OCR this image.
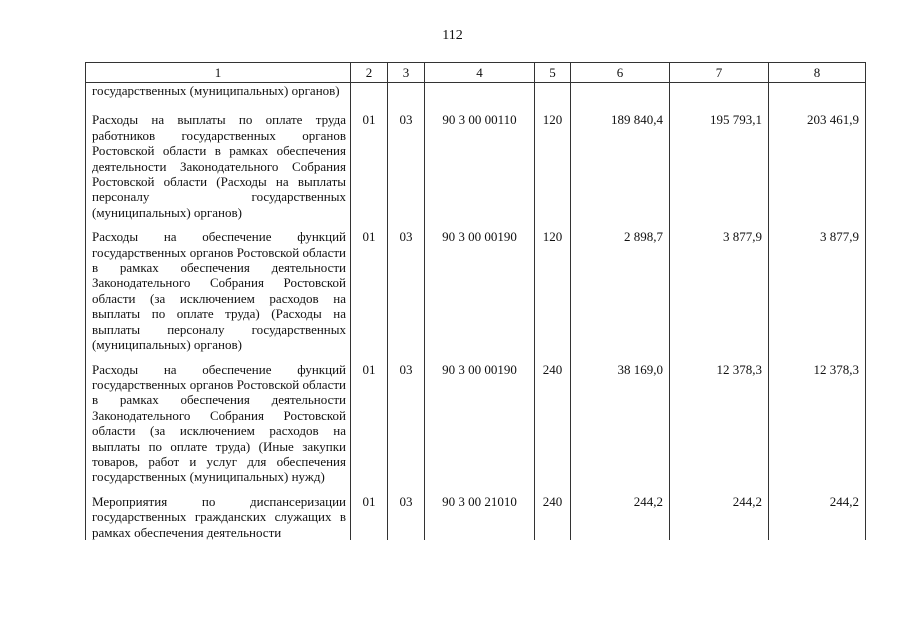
112
1	2	3	4	5	6	7	8
государственных (муниципальных) органов)							
Расходы на выплаты по оплате труда работников государственных органов Ростовской области в рамках обеспечения деятельности Законодательного Собрания Ростовской области (Расходы на выплаты персоналу государственных (муниципальных) органов)	01	03	90 3 00 00110	120	189 840,4	195 793,1	203 461,9
Расходы на обеспечение функций государственных органов Ростовской области в рамках обеспечения деятельности Законодательного Собрания Ростовской области (за исключением расходов на выплаты по оплате труда) (Расходы на выплаты персоналу государственных (муниципальных) органов)	01	03	90 3 00 00190	120	2 898,7	3 877,9	3 877,9
Расходы на обеспечение функций государственных органов Ростовской области в рамках обеспечения деятельности Законодательного Собрания Ростовской области (за исключением расходов на выплаты по оплате труда) (Иные закупки товаров, работ и услуг для обеспечения государственных (муниципальных) нужд)	01	03	90 3 00 00190	240	38 169,0	12 378,3	12 378,3
Мероприятия по диспансеризации государственных гражданских служащих в рамках обеспечения деятельности	01	03	90 3 00 21010	240	244,2	244,2	244,2
